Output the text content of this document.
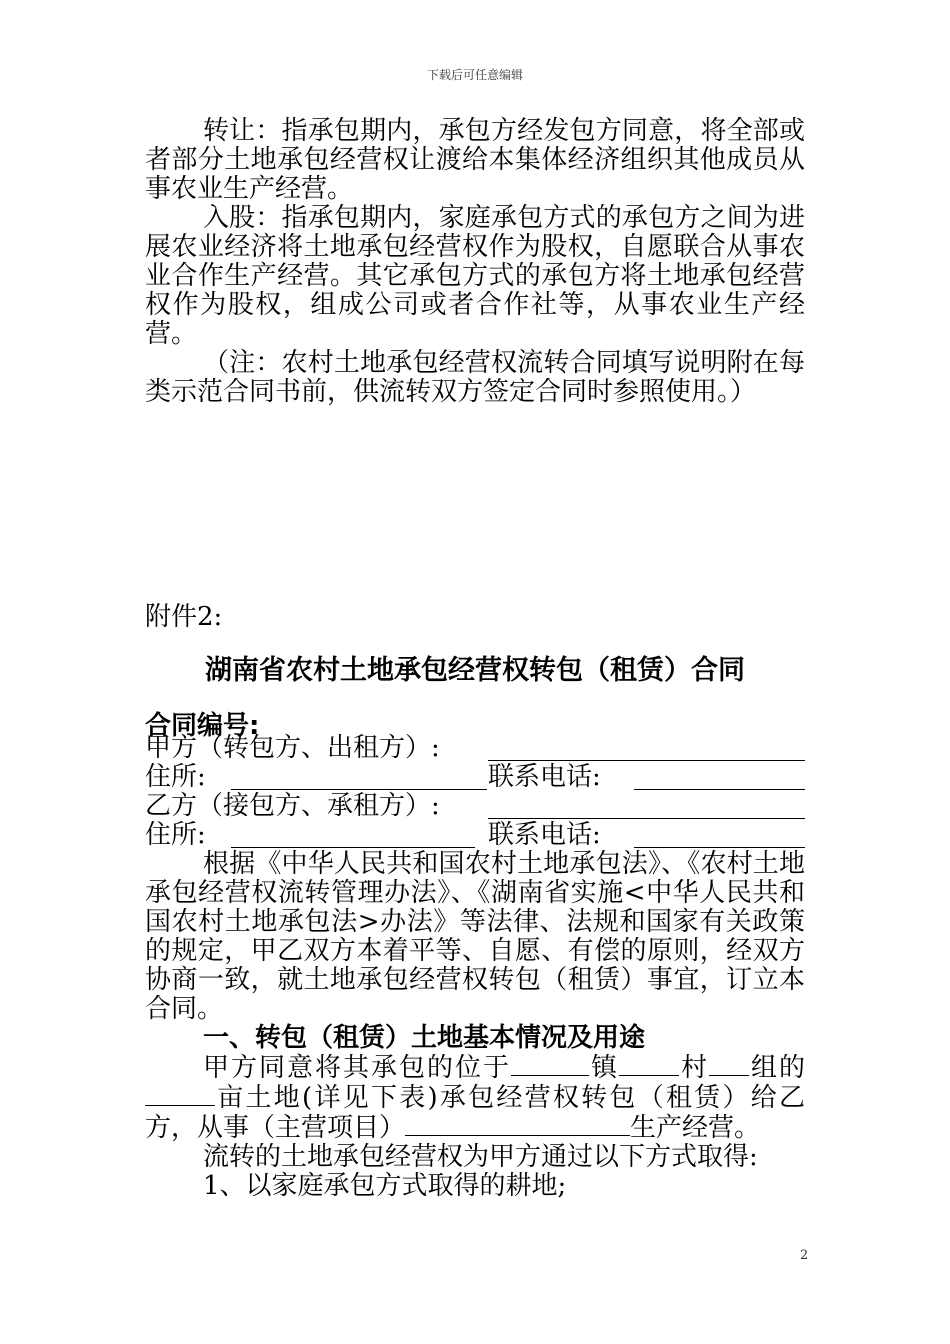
下载后可任意编辑

转让：指承包期内，承包方经发包方同意，将全部或者部分土地承包经营权让渡给本集体经济组织其他成员从事农业生产经营。

入股：指承包期内，家庭承包方式的承包方之间为进展农业经济将土地承包经营权作为股权，自愿联合从事农业合作生产经营。其它承包方式的承包方将土地承包经营权作为股权，组成公司或者合作社等，从事农业生产经营。

（注：农村土地承包经营权流转合同填写说明附在每类示范合同书前，供流转双方签定合同时参照使用。）

附件2:
湖南省农村土地承包经营权转包（租赁）合同
合同编号:
甲方（转包方、出租方）:
住所:	联系电话:
乙方（接包方、承租方）:
住所:	联系电话:

根据《中华人民共和国农村土地承包法》、《农村土地承包经营权流转管理办法》、《湖南省实施<中华人民共和国农村土地承包法>办法》等法律、法规和国家有关政策的规定，甲乙双方本着平等、自愿、有偿的原则，经双方协商一致，就土地承包经营权转包（租赁）事宜，订立本合同。

一、转包（租赁）土地基本情况及用途

甲方同意将其承包的位于	镇 村 组的亩土地(详见下表)承包经营权转包（租赁）给乙方，从事（主营项目）	生产经营。

流转的土地承包经营权为甲方通过以下方式取得:

1、以家庭承包方式取得的耕地;

2
